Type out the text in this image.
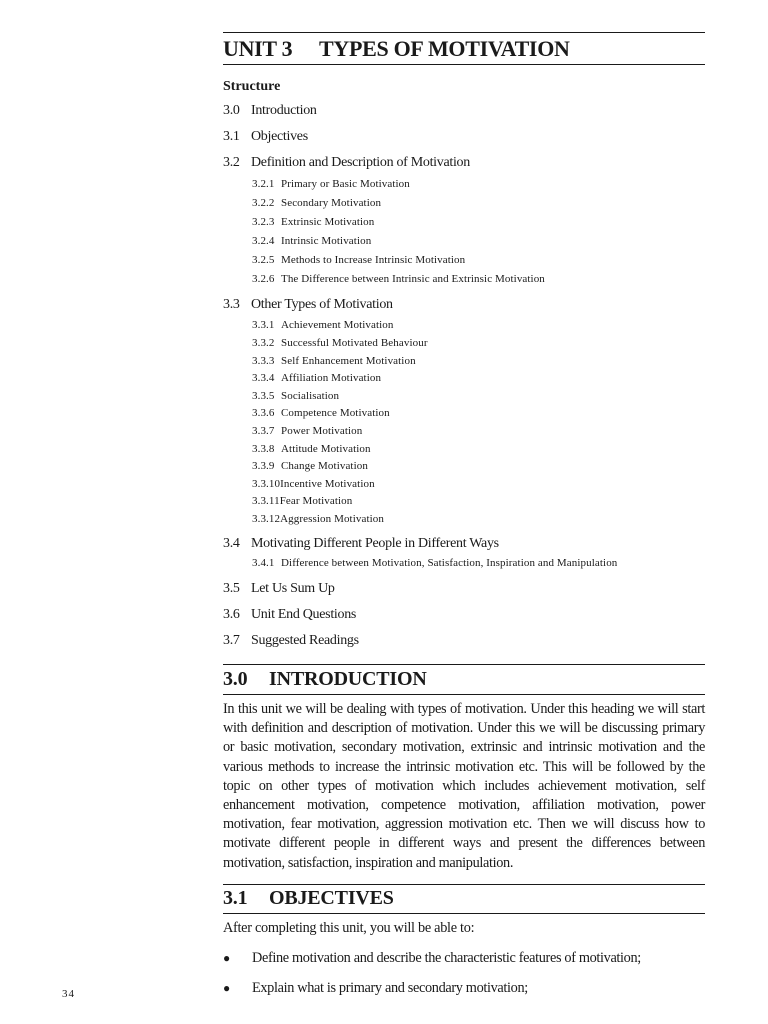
UNIT 3 TYPES OF MOTIVATION
Structure
3.0 Introduction
3.1 Objectives
3.2 Definition and Description of Motivation
3.2.1 Primary or Basic Motivation
3.2.2 Secondary Motivation
3.2.3 Extrinsic Motivation
3.2.4 Intrinsic Motivation
3.2.5 Methods to Increase Intrinsic Motivation
3.2.6 The Difference between Intrinsic and Extrinsic Motivation
3.3 Other Types of Motivation
3.3.1 Achievement Motivation
3.3.2 Successful Motivated Behaviour
3.3.3 Self Enhancement Motivation
3.3.4 Affiliation Motivation
3.3.5 Socialisation
3.3.6 Competence Motivation
3.3.7 Power Motivation
3.3.8 Attitude Motivation
3.3.9 Change Motivation
3.3.10Incentive Motivation
3.3.11Fear Motivation
3.3.12Aggression Motivation
3.4 Motivating Different People in Different Ways
3.4.1 Difference between Motivation, Satisfaction, Inspiration and Manipulation
3.5 Let Us Sum Up
3.6 Unit End Questions
3.7 Suggested Readings
3.0 INTRODUCTION

In this unit we will be dealing with types of motivation. Under this heading we will start with definition and description of motivation. Under this we will be discussing primary or basic motivation, secondary motivation, extrinsic and intrinsic motivation and the various methods to increase the intrinsic motivation etc. This will be followed by the topic on other types of motivation which includes achievement motivation, self enhancement motivation, competence motivation, affiliation motivation, power motivation, fear motivation, aggression motivation etc. Then we will discuss how to motivate different people in different ways and present the differences between motivation, satisfaction, inspiration and manipulation.

3.1 OBJECTIVES
After completing this unit, you will be able to:
● Define motivation and describe the characteristic features of motivation;
● Explain what is primary and secondary motivation;
34
